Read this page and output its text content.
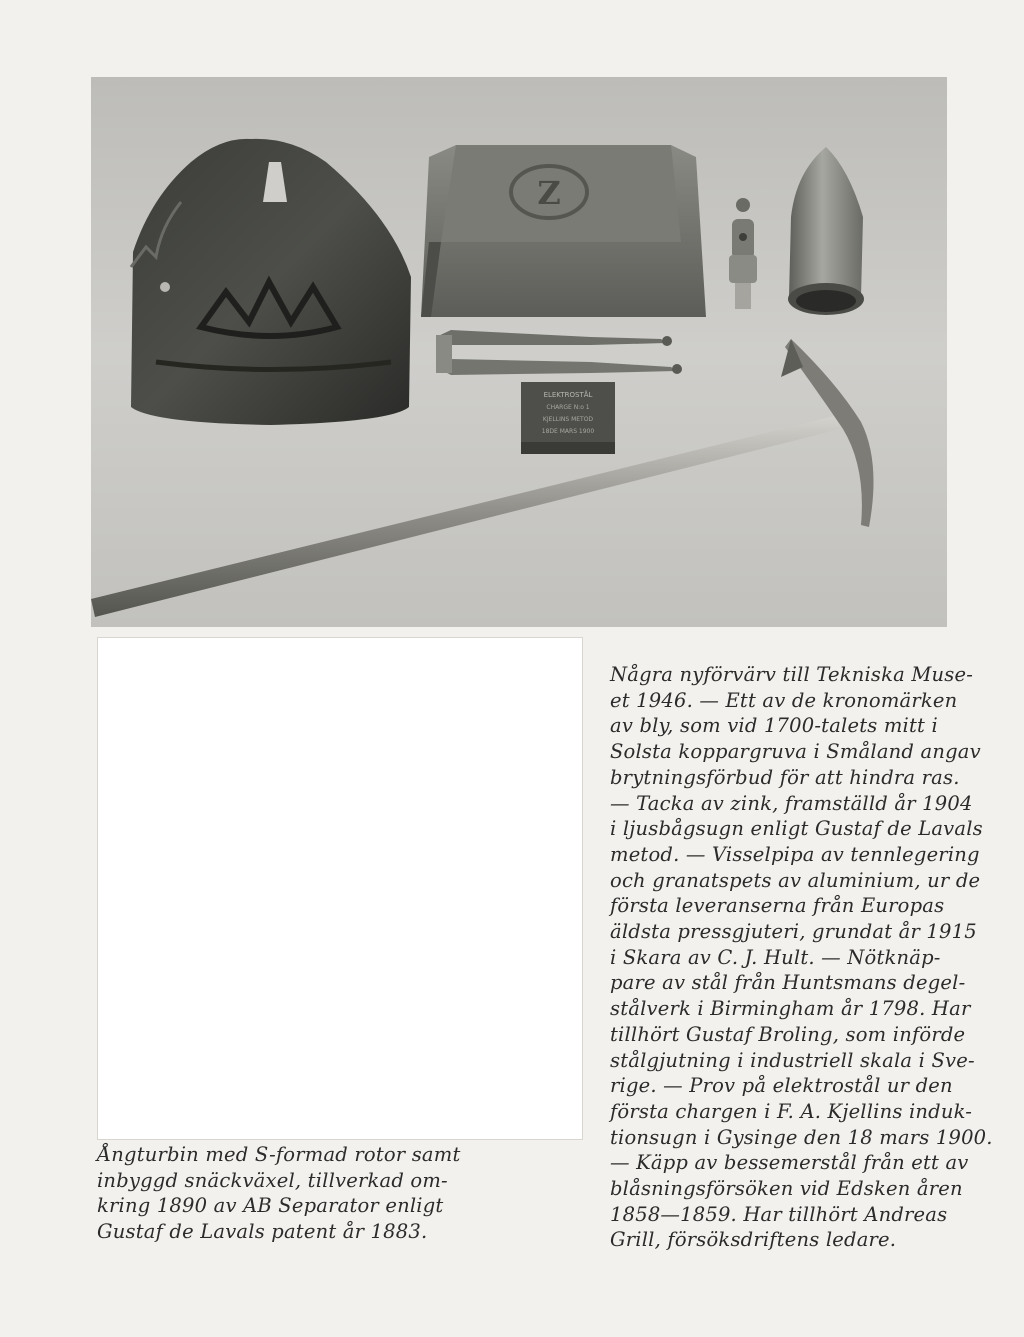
Z
ELEKTROSTÅL
CHARGE N:o 1
KJELLINS METOD
18DE MARS 1900

Några nyförvärv till Tekniska Muse-
et 1946. — Ett av de kronomärken
av bly, som vid 1700-talets mitt i
Solsta koppargruva i Småland angav
brytningsförbud för att hindra ras.
— Tacka av zink, framställd år 1904
i ljusbågsugn enligt Gustaf de Lavals
metod. — Visselpipa av tennlegering
och granatspets av aluminium, ur de
första leveranserna från Europas
äldsta pressgjuteri, grundat år 1915
i Skara av C. J. Hult. — Nötknäp-
pare av stål från Huntsmans degel-
stålverk i Birmingham år 1798. Har
tillhört Gustaf Broling, som införde
stålgjutning i industriell skala i Sve-
rige. — Prov på elektrostål ur den
första chargen i F. A. Kjellins induk-
tionsugn i Gysinge den 18 mars 1900.
— Käpp av bessemerstål från ett av
blåsningsförsöken vid Edsken åren
1858—1859. Har tillhört Andreas
Grill, försöksdriftens ledare.

Ångturbin med S-formad rotor samt
inbyggd snäckväxel, tillverkad om-
kring 1890 av AB Separator enligt
Gustaf de Lavals patent år 1883.
